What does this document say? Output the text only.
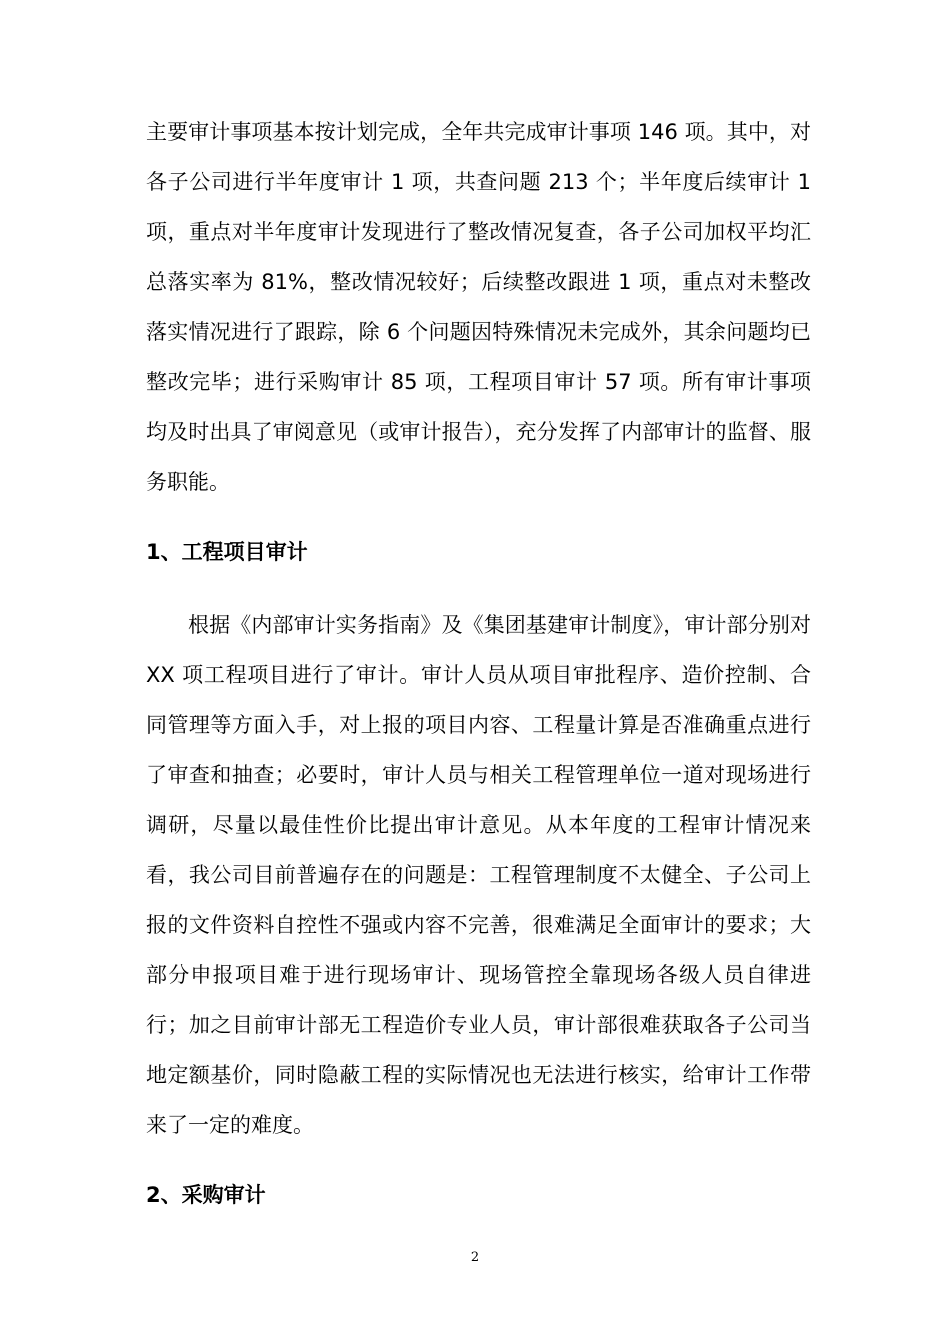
主要审计事项基本按计划完成，全年共完成审计事项 146 项。其中，对各子公司进行半年度审计 1 项，共查问题 213 个；半年度后续审计 1 项，重点对半年度审计发现进行了整改情况复查，各子公司加权平均汇总落实率为 81%，整改情况较好；后续整改跟进 1 项，重点对未整改落实情况进行了跟踪，除 6 个问题因特殊情况未完成外，其余问题均已整改完毕；进行采购审计 85 项，工程项目审计 57 项。所有审计事项均及时出具了审阅意见（或审计报告），充分发挥了内部审计的监督、服务职能。

1、工程项目审计

根据《内部审计实务指南》及《集团基建审计制度》，审计部分别对 XX 项工程项目进行了审计。审计人员从项目审批程序、造价控制、合同管理等方面入手，对上报的项目内容、工程量计算是否准确重点进行了审查和抽查；必要时，审计人员与相关工程管理单位一道对现场进行调研，尽量以最佳性价比提出审计意见。从本年度的工程审计情况来看，我公司目前普遍存在的问题是：工程管理制度不太健全、子公司上报的文件资料自控性不强或内容不完善，很难满足全面审计的要求；大部分申报项目难于进行现场审计、现场管控全靠现场各级人员自律进行；加之目前审计部无工程造价专业人员，审计部很难获取各子公司当地定额基价，同时隐蔽工程的实际情况也无法进行核实，给审计工作带来了一定的难度。

2、采购审计
2
